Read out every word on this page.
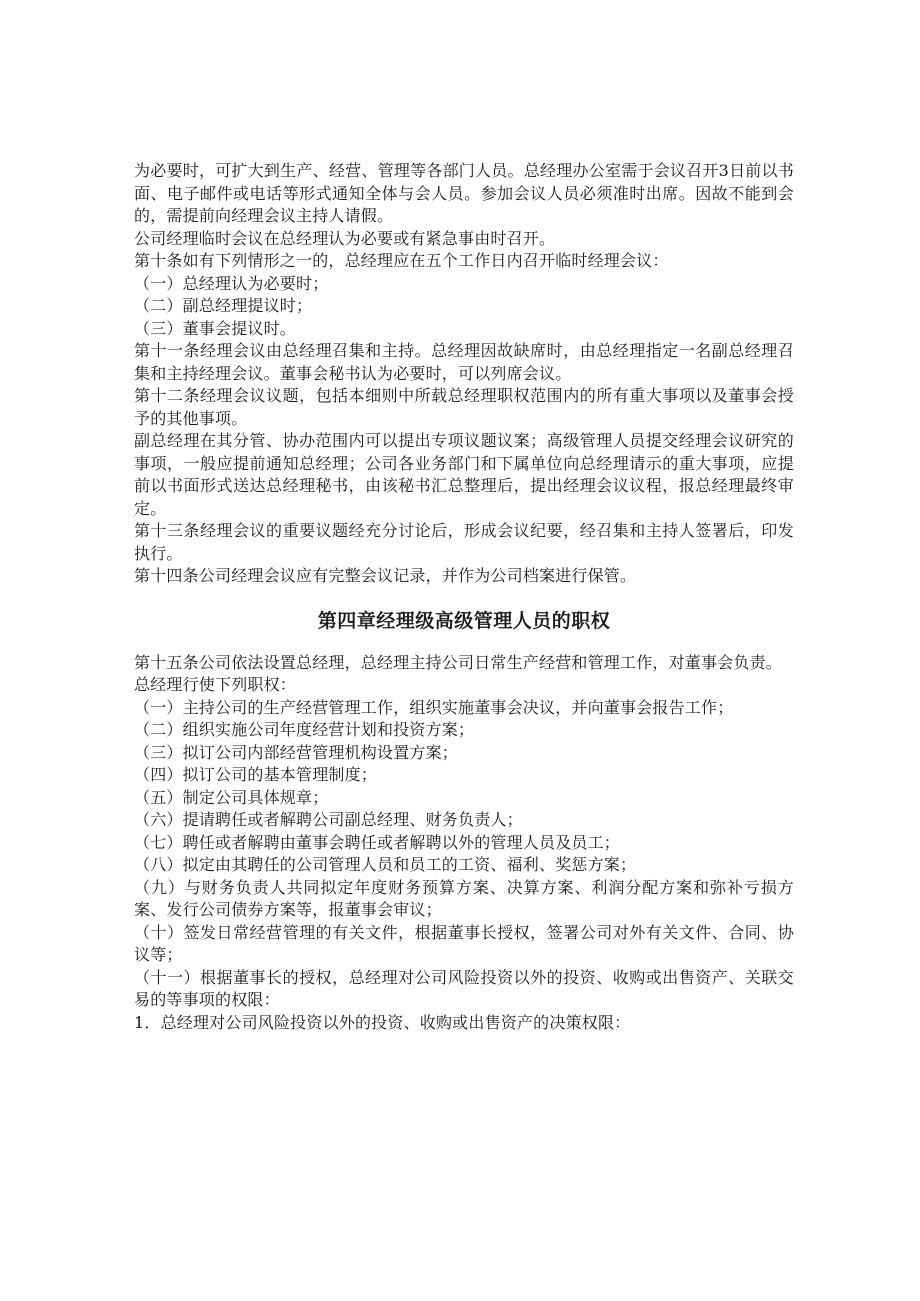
为必要时，可扩大到生产、经营、管理等各部门人员。总经理办公室需于会议召开3日前以书面、电子邮件或电话等形式通知全体与会人员。参加会议人员必须准时出席。因故不能到会的，需提前向经理会议主持人请假。

公司经理临时会议在总经理认为必要或有紧急事由时召开。

第十条如有下列情形之一的，总经理应在五个工作日内召开临时经理会议：

（一）总经理认为必要时；

（二）副总经理提议时；

（三）董事会提议时。

第十一条经理会议由总经理召集和主持。总经理因故缺席时，由总经理指定一名副总经理召集和主持经理会议。董事会秘书认为必要时，可以列席会议。

第十二条经理会议议题，包括本细则中所载总经理职权范围内的所有重大事项以及董事会授予的其他事项。

副总经理在其分管、协办范围内可以提出专项议题议案；高级管理人员提交经理会议研究的事项，一般应提前通知总经理；公司各业务部门和下属单位向总经理请示的重大事项，应提前以书面形式送达总经理秘书，由该秘书汇总整理后，提出经理会议议程，报总经理最终审定。

第十三条经理会议的重要议题经充分讨论后，形成会议纪要，经召集和主持人签署后，印发执行。

第十四条公司经理会议应有完整会议记录，并作为公司档案进行保管。

第四章经理级高级管理人员的职权

第十五条公司依法设置总经理，总经理主持公司日常生产经营和管理工作，对董事会负责。

总经理行使下列职权：

（一）主持公司的生产经营管理工作，组织实施董事会决议，并向董事会报告工作；

（二）组织实施公司年度经营计划和投资方案；

（三）拟订公司内部经营管理机构设置方案；

（四）拟订公司的基本管理制度；

（五）制定公司具体规章；

（六）提请聘任或者解聘公司副总经理、财务负责人；

（七）聘任或者解聘由董事会聘任或者解聘以外的管理人员及员工；

（八）拟定由其聘任的公司管理人员和员工的工资、福利、奖惩方案；

（九）与财务负责人共同拟定年度财务预算方案、决算方案、利润分配方案和弥补亏损方案、发行公司债券方案等，报董事会审议；

（十）签发日常经营管理的有关文件，根据董事长授权，签署公司对外有关文件、合同、协议等；

（十一）根据董事长的授权，总经理对公司风险投资以外的投资、收购或出售资产、关联交易的等事项的权限：

1．总经理对公司风险投资以外的投资、收购或出售资产的决策权限：
